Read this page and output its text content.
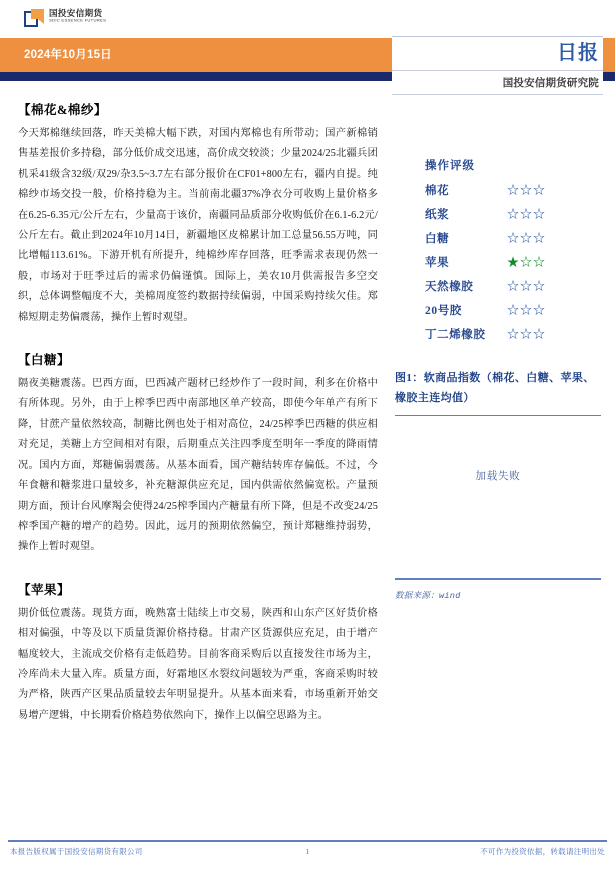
国投安信期货
SDIC ESSENCE FUTURES
2024年10月15日	日报
国投安信期货研究院
【棉花&棉纱】

今天郑棉继续回落，昨天美棉大幅下跌，对国内郑棉也有所带动；国产新棉销售基差报价多持稳，部分低价成交迅速，高价成交较淡；少量2024/25北疆兵团机采41级含32级/双29/杂3.5~3.7左右部分报价在CF01+800左右，疆内自提。纯棉纱市场交投一般，价格持稳为主。当前南北疆37%净衣分可收购上量价格多在6.25-6.35元/公斤左右，少量高于该价，南疆同品质部分收购低价在6.1-6.2元/公斤左右。截止到2024年10月14日，新疆地区皮棉累计加工总量56.55万吨，同比增幅113.61%。下游开机有所提升，纯棉纱库存回落，旺季需求表现仍然一般，市场对于旺季过后的需求仍偏谨慎。国际上，美农10月供需报告多空交织，总体调整幅度不大，美棉周度签约数据持续偏弱，中国采购持续欠佳。郑棉短期走势偏震荡，操作上暂时观望。

【白糖】

隔夜美糖震荡。巴西方面，巴西减产题材已经炒作了一段时间，利多在价格中有所体现。另外，由于上榨季巴西中南部地区单产较高，即使今年单产有所下降，甘蔗产量依然较高，制糖比例也处于相对高位，24/25榨季巴西糖的供应相对充足，美糖上方空间相对有限，后期重点关注四季度至明年一季度的降雨情况。国内方面，郑糖偏弱震荡。从基本面看，国产糖结转库存偏低。不过，今年食糖和糖浆进口量较多，补充糖源供应充足，国内供需依然偏宽松。产量预期方面，预计台风摩羯会使得24/25榨季国内产糖量有所下降，但是不改变24/25榨季国产糖的增产的趋势。因此，远月的预期依然偏空，预计郑糖维持弱势，操作上暂时观望。

【苹果】

期价低位震荡。现货方面，晚熟富士陆续上市交易，陕西和山东产区好货价格相对偏强，中等及以下质量货源价格持稳。甘肃产区货源供应充足，由于增产幅度较大，主流成交价格有走低趋势。目前客商采购后以直接发往市场为主，冷库尚未大量入库。质量方面，好霜地区水裂纹问题较为严重，客商采购时较为严格，陕西产区果品质量较去年明显提升。从基本面来看，市场重新开始交易增产逻辑，中长期看价格趋势依然向下，操作上以偏空思路为主。

操作评级
棉花	☆☆☆
纸浆	☆☆☆
白糖	☆☆☆
苹果	★☆☆
天然橡胶	☆☆☆
20号胶	☆☆☆
丁二烯橡胶	☆☆☆
图1：软商品指数（棉花、白糖、苹果、橡胶主连均值）
加载失败
数据来源：wind
本报告版权属于国投安信期货有限公司	1	不可作为投资依据，转载请注明出处
